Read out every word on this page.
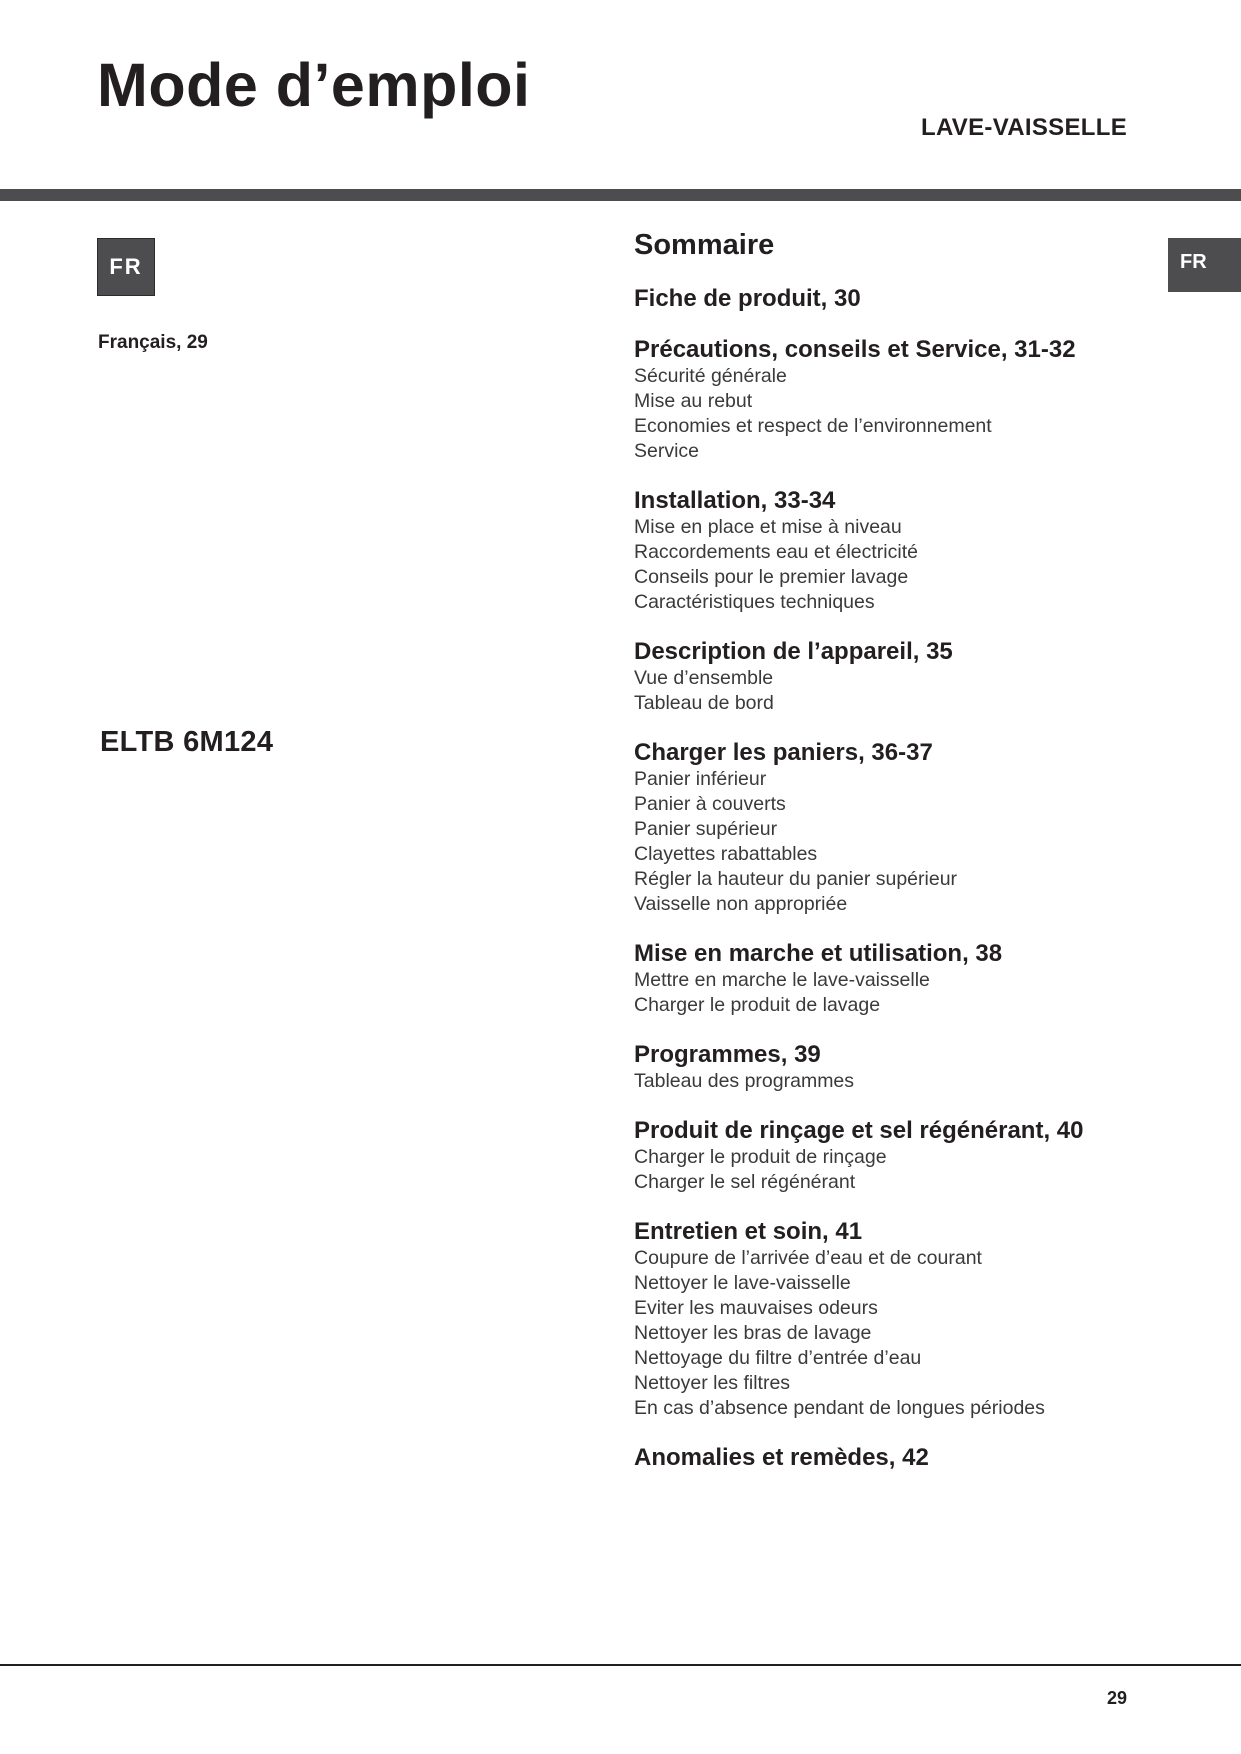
Mode d’emploi
LAVE-VAISSELLE
FR
Français, 29
ELTB 6M124
FR
Sommaire
Fiche de produit, 30
Précautions, conseils et Service, 31-32
Sécurité générale
Mise au rebut
Economies et respect de l’environnement
Service
Installation, 33-34
Mise en place et mise à niveau
Raccordements eau et électricité
Conseils pour le premier lavage
Caractéristiques techniques
Description de l’appareil, 35
Vue d’ensemble
Tableau de bord
Charger les paniers, 36-37
Panier inférieur
Panier à couverts
Panier supérieur
Clayettes rabattables
Régler la hauteur du panier supérieur
Vaisselle non appropriée
Mise en marche et utilisation, 38
Mettre en marche le lave-vaisselle
Charger le produit de lavage
Programmes, 39
Tableau des programmes
Produit de rinçage et sel régénérant, 40
Charger le produit de rinçage
Charger le sel régénérant
Entretien et soin, 41
Coupure de l’arrivée d’eau et de courant
Nettoyer le lave-vaisselle
Eviter les mauvaises odeurs
Nettoyer les bras de lavage
Nettoyage du filtre d’entrée d’eau
Nettoyer les filtres
En cas d’absence pendant de longues périodes
Anomalies et remèdes, 42
29
